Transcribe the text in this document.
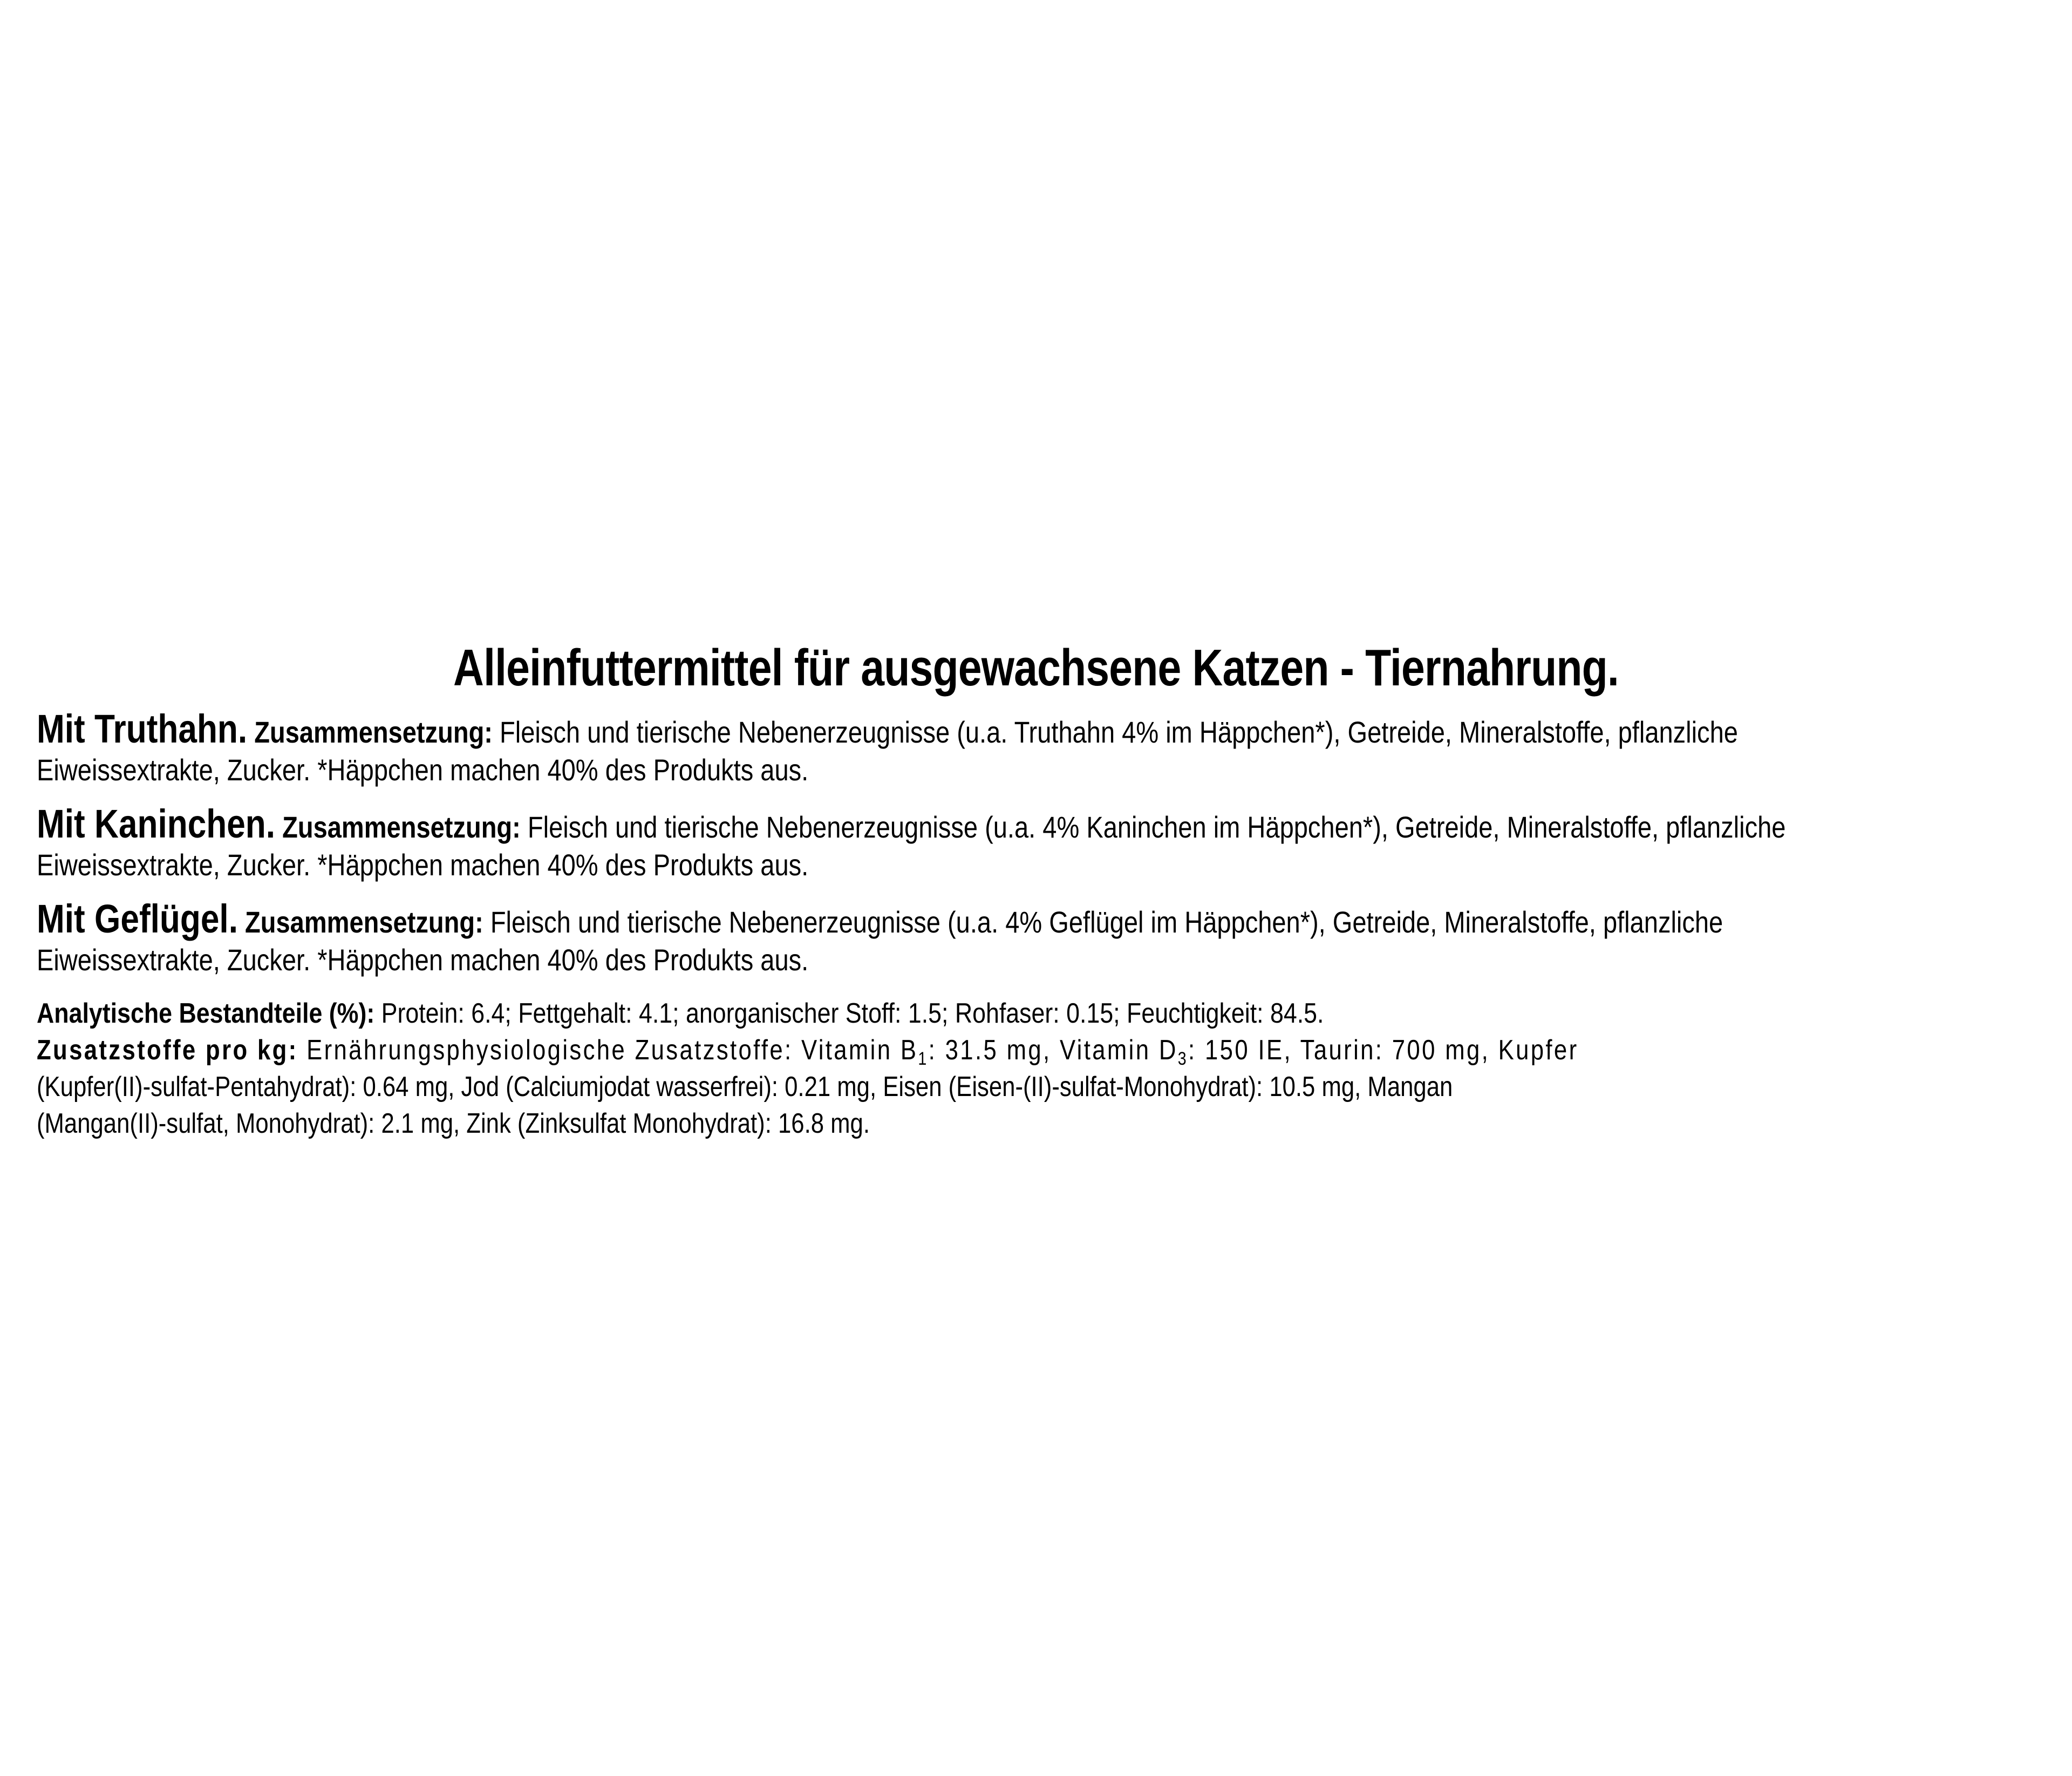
Alleinfuttermittel für ausgewachsene Katzen - Tiernahrung.
Mit Truthahn. Zusammensetzung: Fleisch und tierische Nebenerzeugnisse (u.a. Truthahn 4% im Häppchen*), Getreide, Mineralstoffe, pflanzliche
Eiweissextrakte, Zucker. *Häppchen machen 40% des Produkts aus.
Mit Kaninchen. Zusammensetzung: Fleisch und tierische Nebenerzeugnisse (u.a. 4% Kaninchen im Häppchen*), Getreide, Mineralstoffe, pflanzliche
Eiweissextrakte, Zucker. *Häppchen machen 40% des Produkts aus.
Mit Geflügel. Zusammensetzung: Fleisch und tierische Nebenerzeugnisse (u.a. 4% Geflügel im Häppchen*), Getreide, Mineralstoffe, pflanzliche
Eiweissextrakte, Zucker. *Häppchen machen 40% des Produkts aus.
Analytische Bestandteile (%): Protein: 6.4; Fettgehalt: 4.1; anorganischer Stoff: 1.5; Rohfaser: 0.15; Feuchtigkeit: 84.5.
Zusatzstoffe pro kg: Ernährungsphysiologische Zusatzstoffe: Vitamin $B_1$: 31.5 mg, Vitamin $D_3$: 150 IE, Taurin: 700 mg, Kupfer
(Kupfer(II)-sulfat-Pentahydrat): 0.64 mg, Jod (Calciumjodat wasserfrei): 0.21 mg, Eisen (Eisen-(II)-sulfat-Monohydrat): 10.5 mg, Mangan
(Mangan(II)-sulfat, Monohydrat): 2.1 mg, Zink (Zinksulfat Monohydrat): 16.8 mg.
